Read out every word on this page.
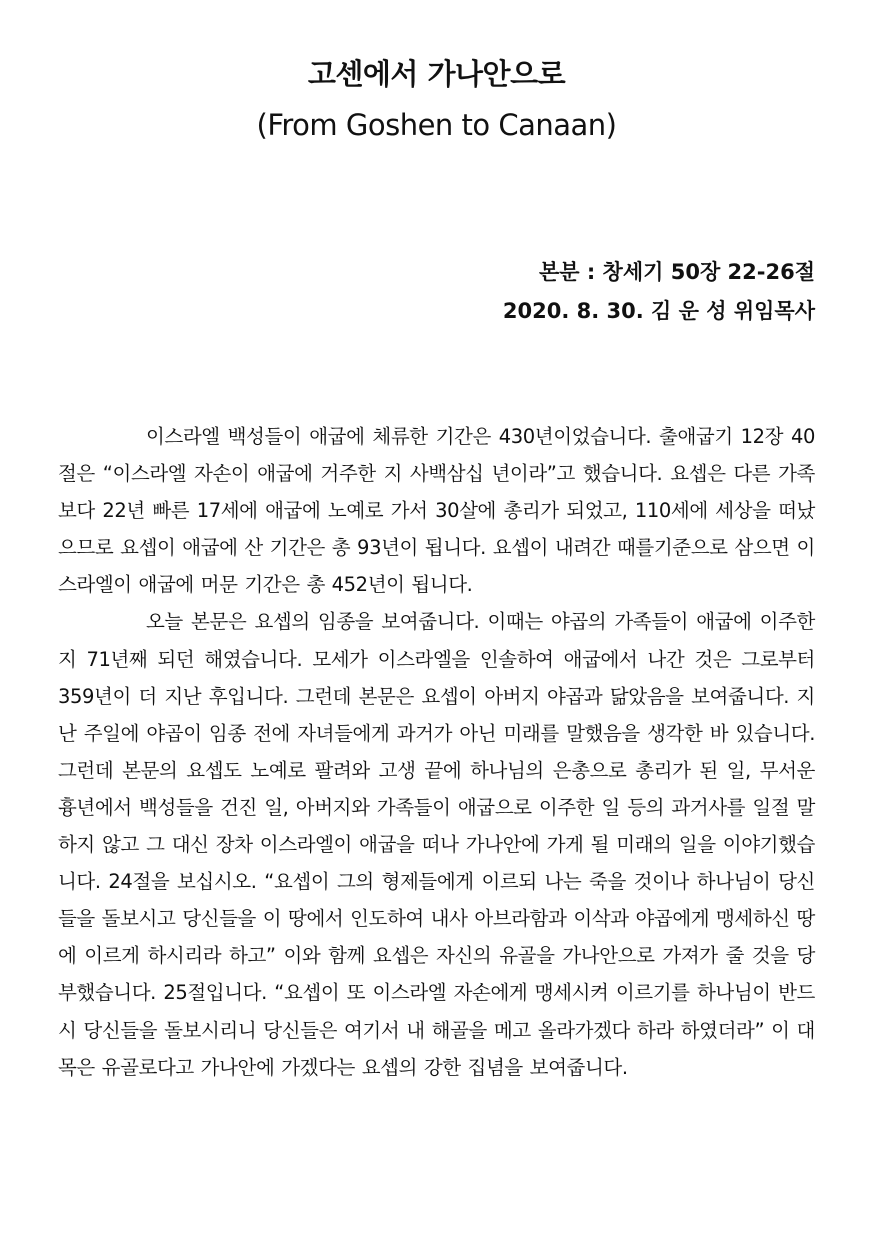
고센에서 가나안으로
(From Goshen to Canaan)

본분 : 창세기 50장 22-26절

2020. 8. 30. 김 운 성 위임목사

이스라엘 백성들이 애굽에 체류한 기간은 430년이었습니다. 출애굽기 12장 40절은 “이스라엘 자손이 애굽에 거주한 지 사백삼십 년이라”고 했습니다. 요셉은 다른 가족보다 22년 빠른 17세에 애굽에 노예로 가서 30살에 총리가 되었고, 110세에 세상을 떠났으므로 요셉이 애굽에 산 기간은 총 93년이 됩니다. 요셉이 내려간 때를기준으로 삼으면 이스라엘이 애굽에 머문 기간은 총 452년이 됩니다.

오늘 본문은 요셉의 임종을 보여줍니다. 이때는 야곱의 가족들이 애굽에 이주한 지 71년째 되던 해였습니다. 모세가 이스라엘을 인솔하여 애굽에서 나간 것은 그로부터 359년이 더 지난 후입니다. 그런데 본문은 요셉이 아버지 야곱과 닮았음을 보여줍니다. 지난 주일에 야곱이 임종 전에 자녀들에게 과거가 아닌 미래를 말했음을 생각한 바 있습니다. 그런데 본문의 요셉도 노예로 팔려와 고생 끝에 하나님의 은총으로 총리가 된 일, 무서운 흉년에서 백성들을 건진 일, 아버지와 가족들이 애굽으로 이주한 일 등의 과거사를 일절 말하지 않고 그 대신 장차 이스라엘이 애굽을 떠나 가나안에 가게 될 미래의 일을 이야기했습니다. 24절을 보십시오. “요셉이 그의 형제들에게 이르되 나는 죽을 것이나 하나님이 당신들을 돌보시고 당신들을 이 땅에서 인도하여 내사 아브라함과 이삭과 야곱에게 맹세하신 땅에 이르게 하시리라 하고” 이와 함께 요셉은 자신의 유골을 가나안으로 가져가 줄 것을 당부했습니다. 25절입니다. “요셉이 또 이스라엘 자손에게 맹세시켜 이르기를 하나님이 반드시 당신들을 돌보시리니 당신들은 여기서 내 해골을 메고 올라가겠다 하라 하였더라” 이 대목은 유골로다고 가나안에 가겠다는 요셉의 강한 집념을 보여줍니다.
